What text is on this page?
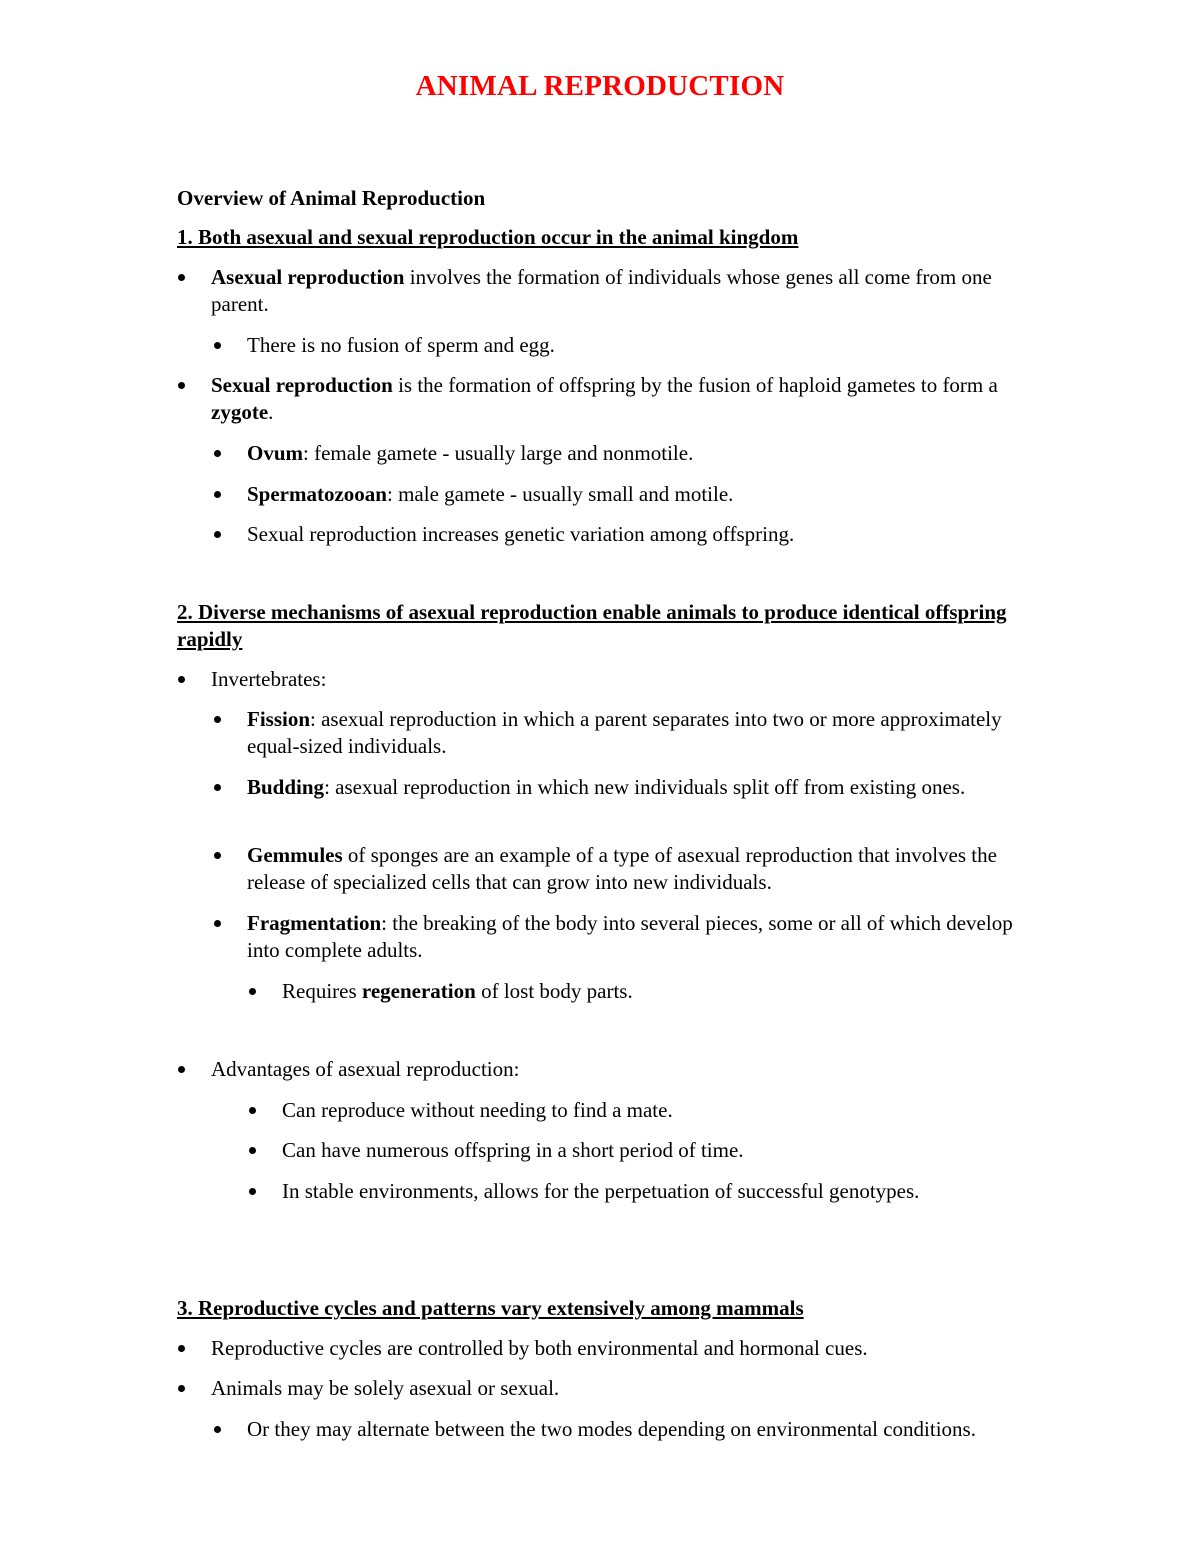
ANIMAL REPRODUCTION
Overview of Animal Reproduction
1. Both asexual and sexual reproduction occur in the animal kingdom
Asexual reproduction involves the formation of individuals whose genes all come from one parent.
There is no fusion of sperm and egg.
Sexual reproduction is the formation of offspring by the fusion of haploid gametes to form a zygote.
Ovum: female gamete - usually large and nonmotile.
Spermatozooan: male gamete - usually small and motile.
Sexual reproduction increases genetic variation among offspring.
2. Diverse mechanisms of asexual reproduction enable animals to produce identical offspring rapidly
Invertebrates:
Fission: asexual reproduction in which a parent separates into two or more approximately equal-sized individuals.
Budding: asexual reproduction in which new individuals split off from existing ones.
Gemmules of sponges are an example of a type of asexual reproduction that involves the release of specialized cells that can grow into new individuals.
Fragmentation: the breaking of the body into several pieces, some or all of which develop into complete adults.
Requires regeneration of lost body parts.
Advantages of asexual reproduction:
Can reproduce without needing to find a mate.
Can have numerous offspring in a short period of time.
In stable environments, allows for the perpetuation of successful genotypes.
3. Reproductive cycles and patterns vary extensively among mammals
Reproductive cycles are controlled by both environmental and hormonal cues.
Animals may be solely asexual or sexual.
Or they may alternate between the two modes depending on environmental conditions.
